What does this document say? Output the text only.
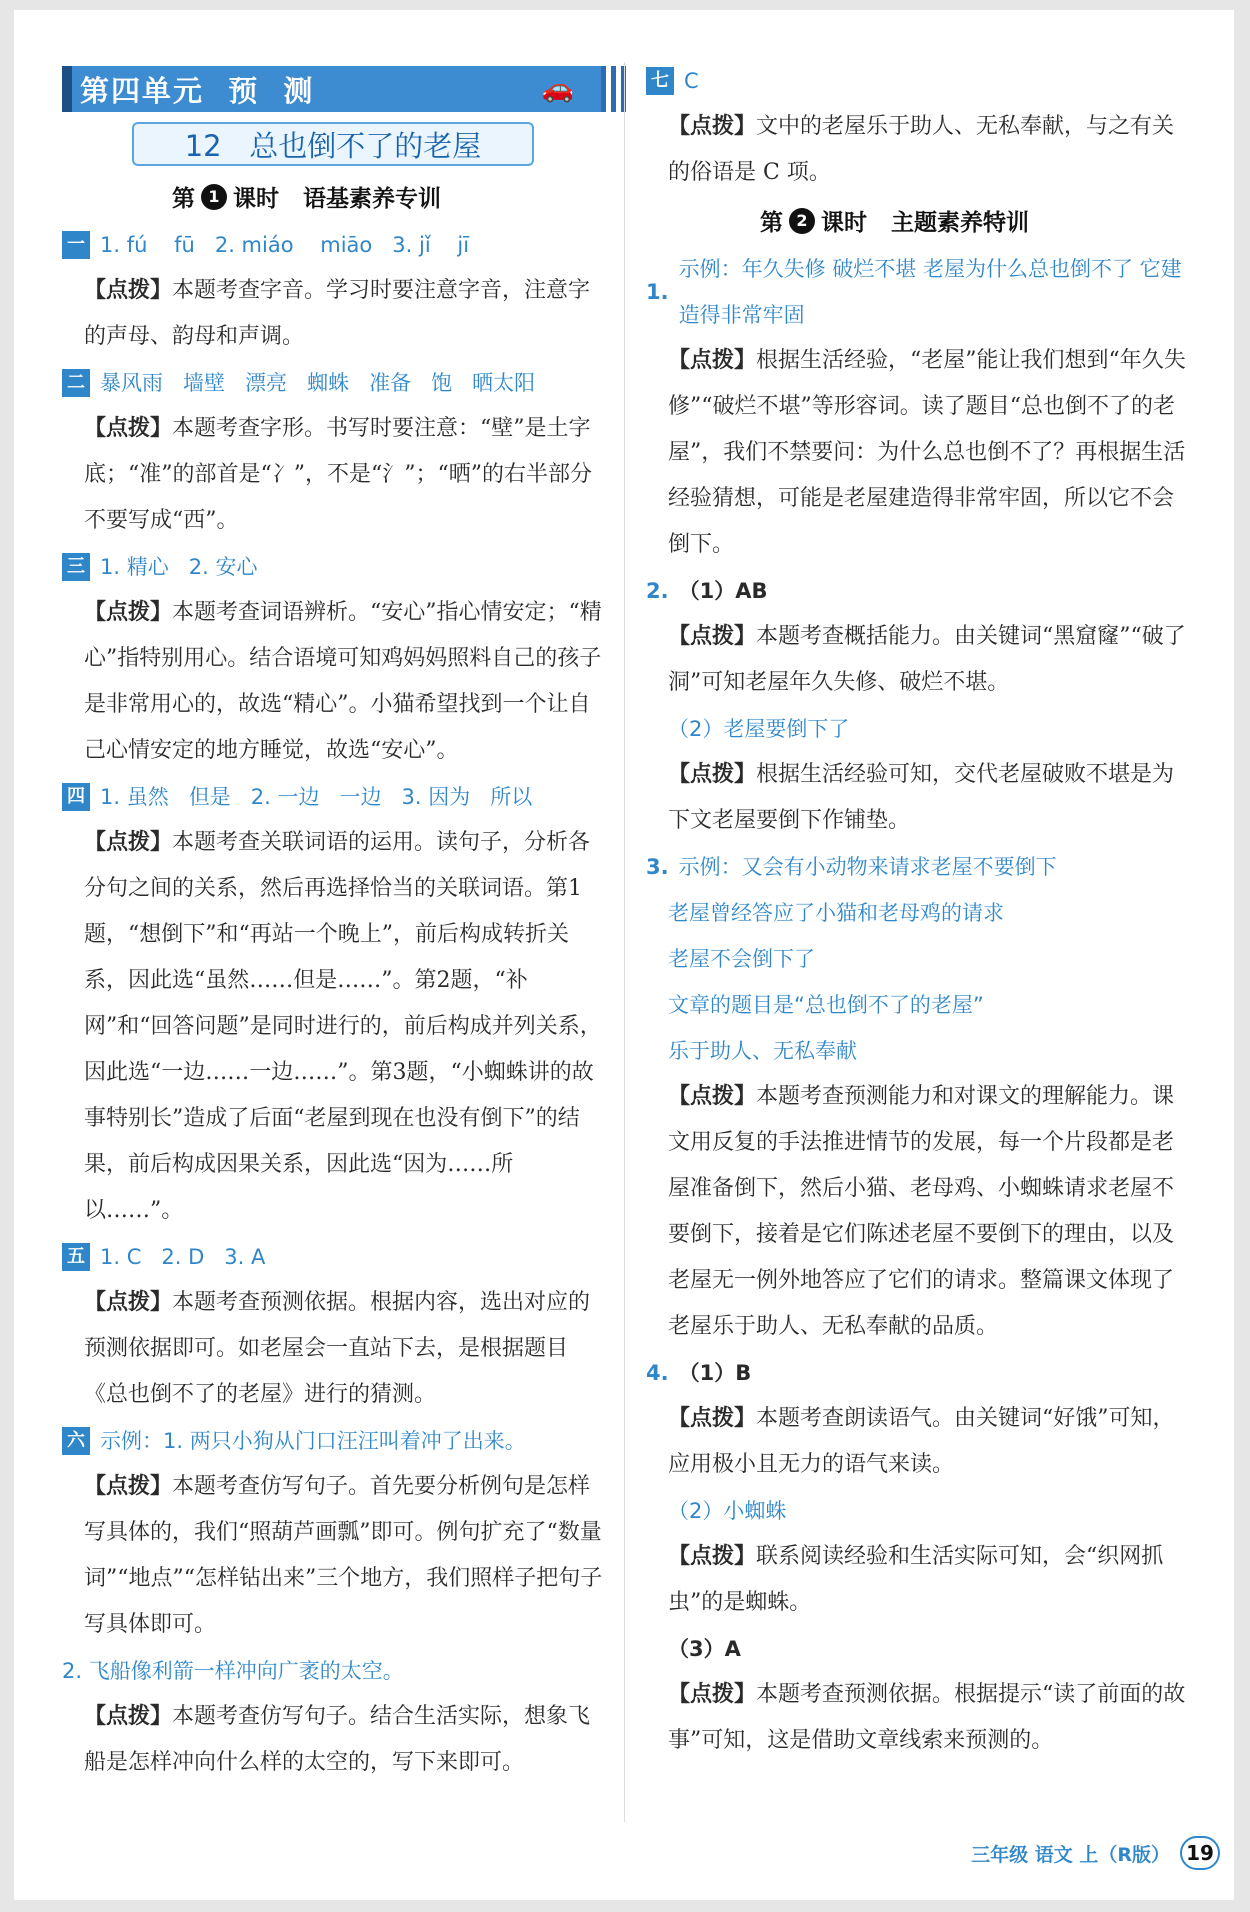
第四单元  预  测	🚗
12   总也倒不了的老屋
第 1 课时   语基素养专训
一 1. fú    fū   2. miáo    miāo   3. jǐ    jī
【点拨】本题考查字音。学习时要注意字音，注意字的声母、韵母和声调。
二 暴风雨   墙壁   漂亮   蜘蛛   准备   饱   晒太阳
【点拨】本题考查字形。书写时要注意：“壁”是土字底；“准”的部首是“冫”，不是“氵”；“晒”的右半部分不要写成“西”。
三 1. 精心   2. 安心
【点拨】本题考查词语辨析。“安心”指心情安定；“精心”指特别用心。结合语境可知鸡妈妈照料自己的孩子是非常用心的，故选“精心”。小猫希望找到一个让自己心情安定的地方睡觉，故选“安心”。
四 1. 虽然   但是   2. 一边   一边   3. 因为   所以
【点拨】本题考查关联词语的运用。读句子，分析各分句之间的关系，然后再选择恰当的关联词语。第1题，“想倒下”和“再站一个晚上”，前后构成转折关系，因此选“虽然……但是……”。第2题，“补网”和“回答问题”是同时进行的，前后构成并列关系，因此选“一边……一边……”。第3题，“小蜘蛛讲的故事特别长”造成了后面“老屋到现在也没有倒下”的结果，前后构成因果关系，因此选“因为……所以……”。
五 1. C   2. D   3. A
【点拨】本题考查预测依据。根据内容，选出对应的预测依据即可。如老屋会一直站下去，是根据题目《总也倒不了的老屋》进行的猜测。
六 示例：1. 两只小狗从门口汪汪叫着冲了出来。
【点拨】本题考查仿写句子。首先要分析例句是怎样写具体的，我们“照葫芦画瓢”即可。例句扩充了“数量词”“地点”“怎样钻出来”三个地方，我们照样子把句子写具体即可。
2. 飞船像利箭一样冲向广袤的太空。
【点拨】本题考查仿写句子。结合生活实际，想象飞船是怎样冲向什么样的太空的，写下来即可。
七 C
【点拨】文中的老屋乐于助人、无私奉献，与之有关的俗语是 C 项。
第 2 课时   主题素养特训
1.
示例：年久失修 破烂不堪 老屋为什么总也倒不了 它建造得非常牢固
【点拨】根据生活经验，“老屋”能让我们想到“年久失修”“破烂不堪”等形容词。读了题目“总也倒不了的老屋”，我们不禁要问：为什么总也倒不了？再根据生活经验猜想，可能是老屋建造得非常牢固，所以它不会倒下。
2. （1）AB
【点拨】本题考查概括能力。由关键词“黑窟窿”“破了洞”可知老屋年久失修、破烂不堪。
（2）老屋要倒下了
【点拨】根据生活经验可知，交代老屋破败不堪是为下文老屋要倒下作铺垫。
3. 示例：又会有小动物来请求老屋不要倒下
老屋曾经答应了小猫和老母鸡的请求
老屋不会倒下了
文章的题目是“总也倒不了的老屋”
乐于助人、无私奉献
【点拨】本题考查预测能力和对课文的理解能力。课文用反复的手法推进情节的发展，每一个片段都是老屋准备倒下，然后小猫、老母鸡、小蜘蛛请求老屋不要倒下，接着是它们陈述老屋不要倒下的理由，以及老屋无一例外地答应了它们的请求。整篇课文体现了老屋乐于助人、无私奉献的品质。
4. （1）B
【点拨】本题考查朗读语气。由关键词“好饿”可知，应用极小且无力的语气来读。
（2）小蜘蛛
【点拨】联系阅读经验和生活实际可知，会“织网抓虫”的是蜘蛛。
（3）A
【点拨】本题考查预测依据。根据提示“读了前面的故事”可知，这是借助文章线索来预测的。
三年级 语文 上（R版） 19
